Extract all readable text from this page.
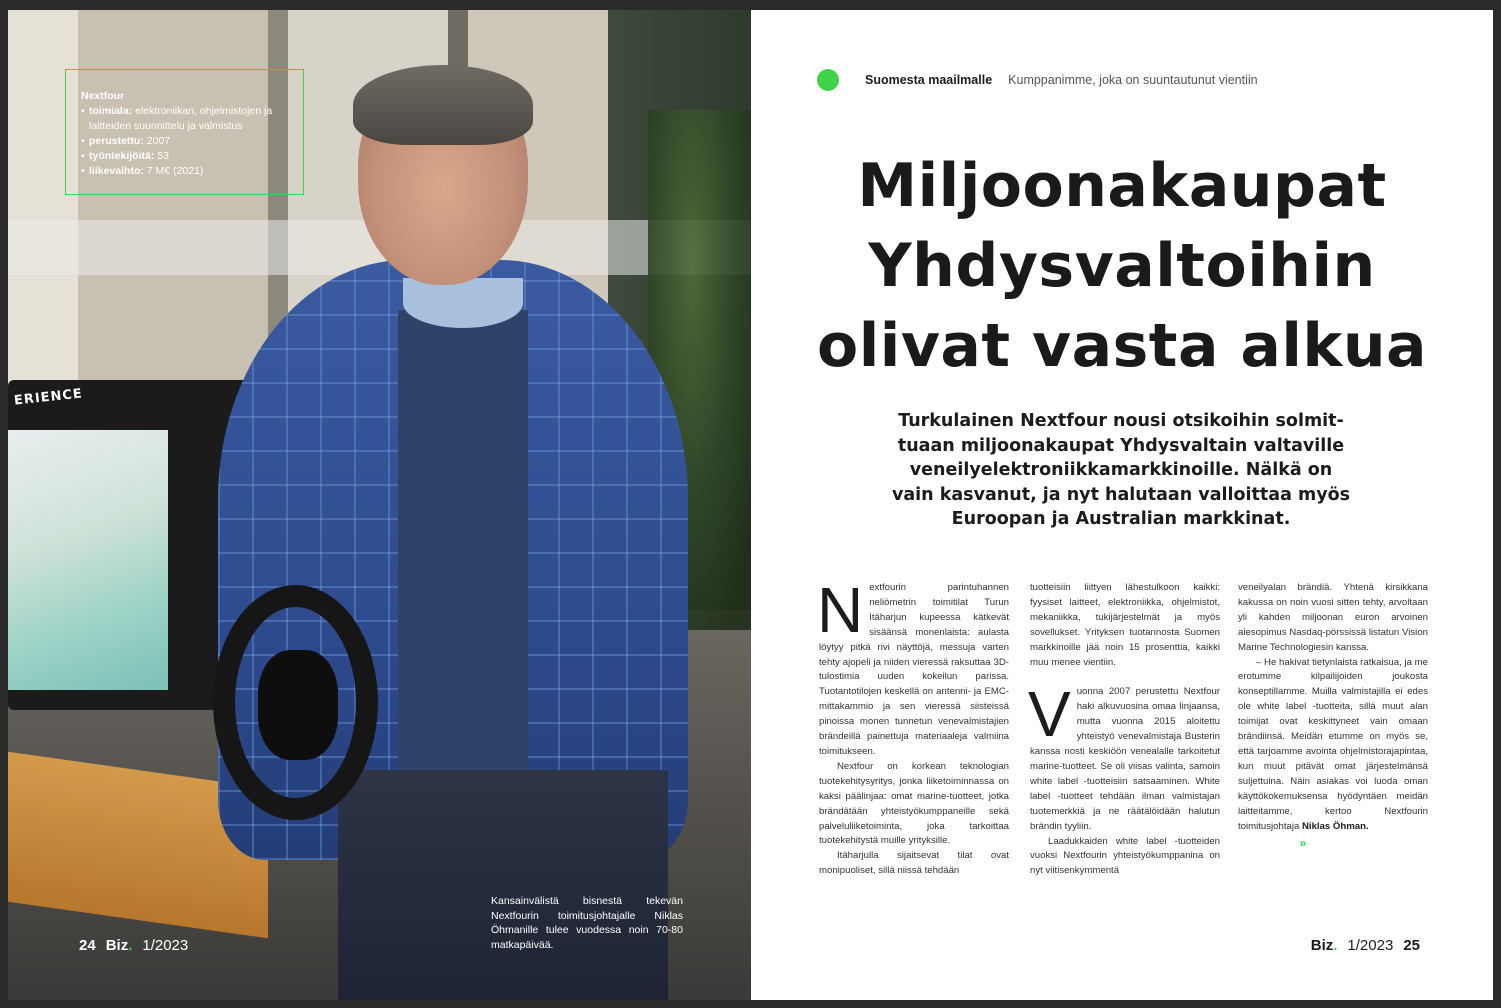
ERIENCE
Nextfour
• toimiala: elektroniikan, ohjelmistojen ja laitteiden suunnittelu ja valmistus
• perustettu: 2007
• työntekijöitä: 53
• liikevaihto: 7 M€ (2021)
Kansainvälistä bisnestä tekevän Nextfourin toimitusjohtajalle Niklas Öhmanille tulee vuodessa noin 70-80 matkapäivää.
24 Biz. 1/2023
Suomesta maailmalle Kumppanimme, joka on suuntautunut vientiin
Miljoonakaupat
Yhdysvaltoihin
olivat vasta alkua
Turkulainen Nextfour nousi otsikoihin solmit-
tuaan miljoonakaupat Yhdysvaltain valtaville
veneilyelektroniikkamarkkinoille. Nälkä on
vain kasvanut, ja nyt halutaan valloittaa myös
Euroopan ja Australian markkinat.

Nextfourin parintuhannen neliömetrin toimitilat Turun Itäharjun kupeessa kätkevät sisäänsä monenlaista: aulasta löytyy pitkä rivi näyttöjä, messuja varten tehty ajopeli ja niiden vieressä raksuttaa 3D-tulostimia uuden kokeilun parissa. Tuotantotilojen keskellä on antenni- ja EMC-mittakammio ja sen vieressä siisteissä pinoissa monen tunnetun venevalmistajien brändeillä painettuja materiaaleja valmiina toimitukseen.

Nextfour on korkean teknologian tuotekehitysyritys, jonka liiketoiminnassa on kaksi päälinjaa: omat marine-tuotteet, jotka brändätään yhteistyökumppaneille sekä palveluliiketoiminta, joka tarkoittaa tuotekehitystä muille yrityksille.

Itäharjulla sijaitsevat tilat ovat monipuoliset, sillä niissä tehdään

tuotteisiin liittyen lähestulkoon kaikki: fyysiset laitteet, elektroniikka, ohjelmistot, mekaniikka, tukijärjestelmät ja myös sovellukset. Yrityksen tuotannosta Suomen markkinoille jää noin 15 prosenttia, kaikki muu menee vientiin.

Vuonna 2007 perustettu Nextfour haki alkuvuosina omaa linjaansa, mutta vuonna 2015 aloitettu yhteistyö venevalmistaja Busterin kanssa nosti keskiöön venealalle tarkoitetut marine-tuotteet. Se oli viisas valinta, samoin white label -tuotteisiin satsaaminen. White label -tuotteet tehdään ilman valmistajan tuotemerkkiä ja ne räätälöidään halutun brändin tyyliin.

Laadukkaiden white label -tuotteiden vuoksi Nextfourin yhteistyökumppanina on nyt viitisenkymmentä

veneilyalan brändiä. Yhtenä kirsikkana kakussa on noin vuosi sitten tehty, arvoltaan yli kahden miljoonan euron arvoinen aiesopimus Nasdaq-pörssissä listatun Vision Marine Technologiesin kanssa.

– He hakivat tietynlaista ratkaisua, ja me erotumme kilpailijoiden joukosta konseptillamme. Muilla valmistajilla ei edes ole white label -tuotteita, sillä muut alan toimijat ovat keskittyneet vain omaan brändiinsä. Meidän etumme on myös se, että tarjoamme avointa ohjelmistorajapintaa, kun muut pitävät omat järjestelmänsä suljettuina. Näin asiakas voi luoda oman käyttökokemuksensa hyödyntäen meidän laitteitamme, kertoo Nextfourin toimitusjohtaja Niklas Öhman.

»
Biz. 1/2023 25
